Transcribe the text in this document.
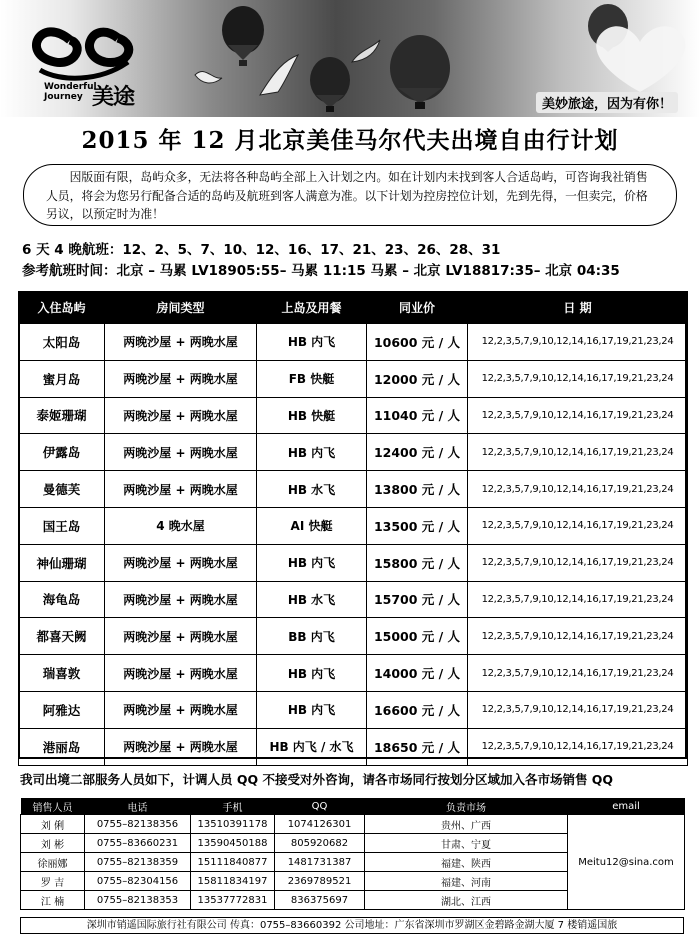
Wonderful Journey 美途	美妙旅途，因为有你！
2015 年 12 月北京美佳马尔代夫出境自由行计划
因版面有限，岛屿众多，无法将各种岛屿全部上入计划之内。如在计划内未找到客人合适岛屿，可咨询我社销售人员，将会为您另行配备合适的岛屿及航班到客人满意为准。以下计划为控房控位计划，先到先得，一但卖完，价格另议，以预定时为准！
6 天 4 晚航班：12、2、5、7、10、12、16、17、21、23、26、28、31
参考航班时间：北京 – 马累 LV18905:55– 马累 11:15 马累 – 北京 LV18817:35– 北京 04:35
入住岛屿	房间类型	上岛及用餐	同业价	日 期
太阳岛	两晚沙屋 + 两晚水屋	HB 内飞	10600 元 / 人	12,2,3,5,7,9,10,12,14,16,17,19,21,23,24
蜜月岛	两晚沙屋 + 两晚水屋	FB 快艇	12000 元 / 人	12,2,3,5,7,9,10,12,14,16,17,19,21,23,24
泰姬珊瑚	两晚沙屋 + 两晚水屋	HB 快艇	11040 元 / 人	12,2,3,5,7,9,10,12,14,16,17,19,21,23,24
伊露岛	两晚沙屋 + 两晚水屋	HB 内飞	12400 元 / 人	12,2,3,5,7,9,10,12,14,16,17,19,21,23,24
曼德芙	两晚沙屋 + 两晚水屋	HB 水飞	13800 元 / 人	12,2,3,5,7,9,10,12,14,16,17,19,21,23,24
国王岛	4 晚水屋	AI 快艇	13500 元 / 人	12,2,3,5,7,9,10,12,14,16,17,19,21,23,24
神仙珊瑚	两晚沙屋 + 两晚水屋	HB 内飞	15800 元 / 人	12,2,3,5,7,9,10,12,14,16,17,19,21,23,24
海龟岛	两晚沙屋 + 两晚水屋	HB 水飞	15700 元 / 人	12,2,3,5,7,9,10,12,14,16,17,19,21,23,24
都喜天阙	两晚沙屋 + 两晚水屋	BB 内飞	15000 元 / 人	12,2,3,5,7,9,10,12,14,16,17,19,21,23,24
瑞喜敦	两晚沙屋 + 两晚水屋	HB 内飞	14000 元 / 人	12,2,3,5,7,9,10,12,14,16,17,19,21,23,24
阿雅达	两晚沙屋 + 两晚水屋	HB 内飞	16600 元 / 人	12,2,3,5,7,9,10,12,14,16,17,19,21,23,24
港丽岛	两晚沙屋 + 两晚水屋	HB 内飞 / 水飞	18650 元 / 人	12,2,3,5,7,9,10,12,14,16,17,19,21,23,24
我司出境二部服务人员如下，计调人员 QQ 不接受对外咨询，请各市场同行按划分区域加入各市场销售 QQ
销售人员	电话	手机	QQ	负责市场	email
刘 俐	0755–82138356	13510391178	1074126301	贵州、广西	Meitu12@sina.com
刘 彬	0755–83660231	13590450188	805920682	甘肃、宁夏	
徐丽娜	0755–82138359	15111840877	1481731387	福建、陕西	
罗 吉	0755–82304156	15811834197	2369789521	福建、河南	
江 楠	0755–82138353	13537772831	836375697	湖北、江西	
深圳市销遥国际旅行社有限公司 传真：0755–83660392 公司地址：广东省深圳市罗湖区金碧路金湖大厦 7 楼销遥国旅
